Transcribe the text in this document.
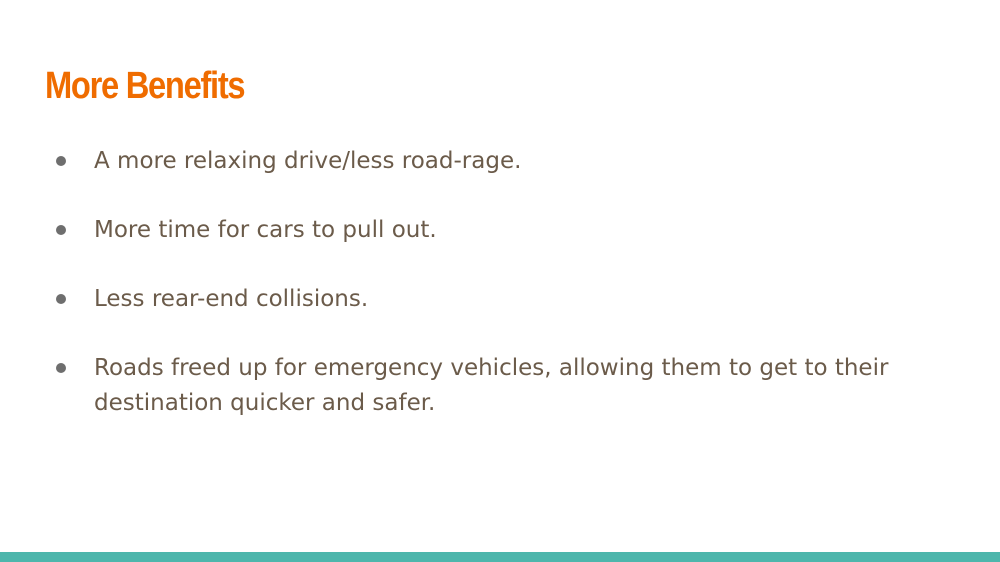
More Benefits
A more relaxing drive/less road-rage.
More time for cars to pull out.
Less rear-end collisions.
Roads freed up for emergency vehicles, allowing them to get to their destination quicker and safer.
